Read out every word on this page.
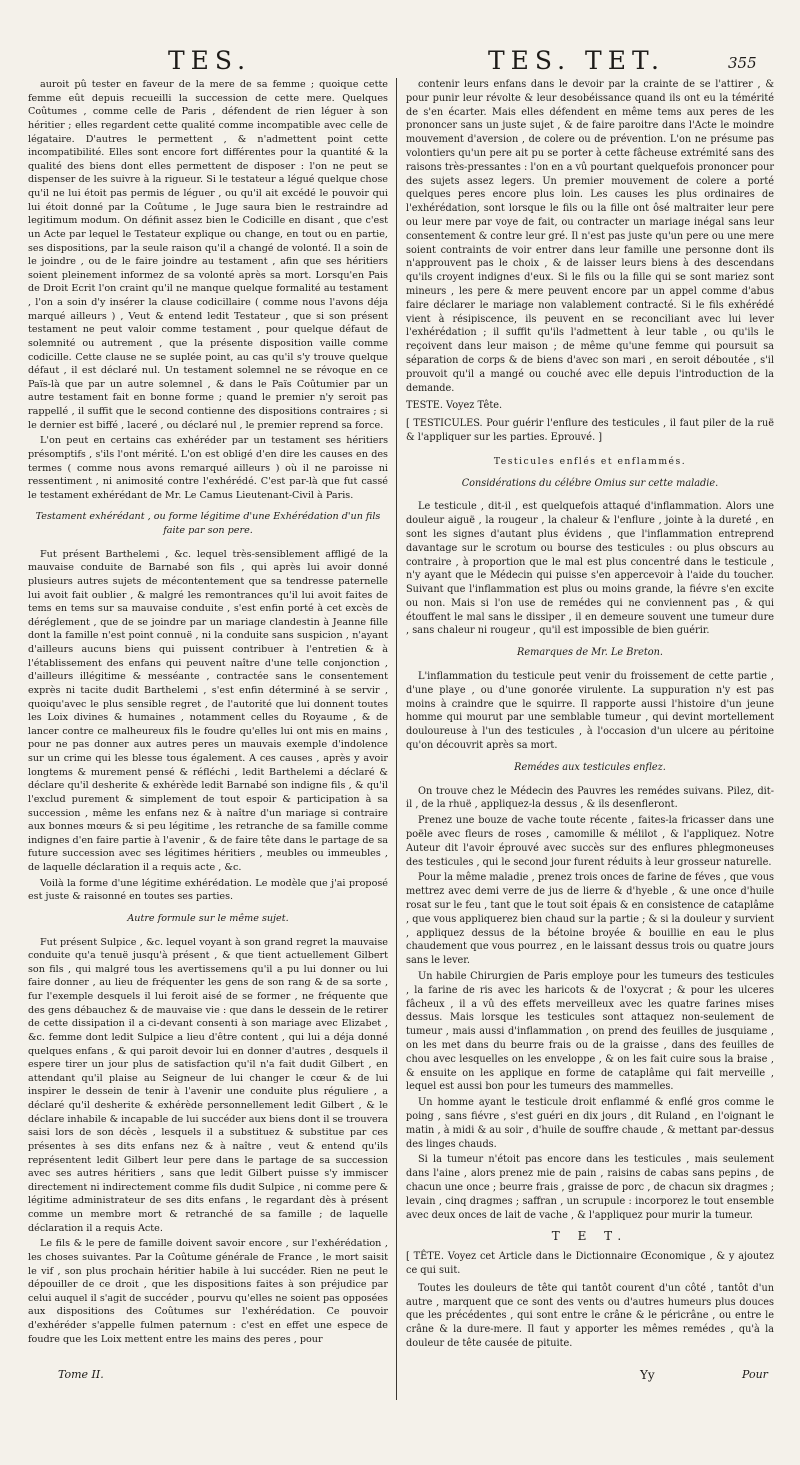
TES.	TES. TET.	355

auroit pû tester en faveur de la mere de sa femme ; quoique cette femme eût depuis recueilli la succession de cette mere. Quelques Coûtumes , comme celle de Paris , défendent de rien léguer à son héritier ; elles regardent cette qualité comme incompatible avec celle de légataire. D'autres le permettent , & n'admettent point cette incompatibilité. Elles sont encore fort différentes pour la quantité & la qualité des biens dont elles permettent de disposer : l'on ne peut se dispenser de les suivre à la rigueur. Si le testateur a légué quelque chose qu'il ne lui étoit pas permis de léguer , ou qu'il ait excédé le pouvoir qui lui étoit donné par la Coûtume , le Juge saura bien le restraindre ad legitimum modum. On définit assez bien le Codicille en disant , que c'est un Acte par lequel le Testateur explique ou change, en tout ou en partie, ses dispositions, par la seule raison qu'il a changé de volonté. Il a soin de le joindre , ou de le faire joindre au testament , afin que ses héritiers soient pleinement informez de sa volonté après sa mort. Lorsqu'en Pais de Droit Ecrit l'on craint qu'il ne manque quelque formalité au testament , l'on a soin d'y insérer la clause codicillaire ( comme nous l'avons déja marqué ailleurs ) , Veut & entend ledit Testateur , que si son présent testament ne peut valoir comme testament , pour quelque défaut de solemnité ou autrement , que la présente disposition vaille comme codicille. Cette clause ne se suplée point, au cas qu'il s'y trouve quelque défaut , il est déclaré nul. Un testament solemnel ne se révoque en ce Païs-là que par un autre solemnel , & dans le Païs Coûtumier par un autre testament fait en bonne forme ; quand le premier n'y seroit pas rappellé , il suffit que le second contienne des dispositions contraires ; si le dernier est biffé , laceré , ou déclaré nul , le premier reprend sa force.

L'on peut en certains cas exhéréder par un testament ses héritiers présomptifs , s'ils l'ont mérité. L'on est obligé d'en dire les causes en des termes ( comme nous avons remarqué ailleurs ) où il ne paroisse ni ressentiment , ni animosité contre l'exhérédé. C'est par-là que fut cassé le testament exhérédant de Mr. Le Camus Lieutenant-Civil à Paris.

Testament exhérédant , ou forme légitime d'une Exhérédation d'un fils faite par son pere.

Fut présent Barthelemi , &c. lequel très-sensiblement affligé de la mauvaise conduite de Barnabé son fils , qui après lui avoir donné plusieurs autres sujets de mécontentement que sa tendresse paternelle lui avoit fait oublier , & malgré les remontrances qu'il lui avoit faites de tems en tems sur sa mauvaise conduite , s'est enfin porté à cet excès de déréglement , que de se joindre par un mariage clandestin à Jeanne fille dont la famille n'est point connuë , ni la conduite sans suspicion , n'ayant d'ailleurs aucuns biens qui puissent contribuer à l'entretien & à l'établissement des enfans qui peuvent naître d'une telle conjonction , d'ailleurs illégitime & messéante , contractée sans le consentement exprès ni tacite dudit Barthelemi , s'est enfin déterminé à se servir , quoiqu'avec le plus sensible regret , de l'autorité que lui donnent toutes les Loix divines & humaines , notamment celles du Royaume , & de lancer contre ce malheureux fils le foudre qu'elles lui ont mis en mains , pour ne pas donner aux autres peres un mauvais exemple d'indolence sur un crime qui les blesse tous également. A ces causes , après y avoir longtems & murement pensé & réfléchi , ledit Barthelemi a déclaré & déclare qu'il desherite & exhérède ledit Barnabé son indigne fils , & qu'il l'exclud purement & simplement de tout espoir & participation à sa succession , même les enfans nez & à naître d'un mariage si contraire aux bonnes mœurs & si peu légitime , les retranche de sa famille comme indignes d'en faire partie à l'avenir , & de faire tête dans le partage de sa future succession avec ses légitimes héritiers , meubles ou immeubles , de laquelle déclaration il a requis acte , &c.

Voilà la forme d'une légitime exhérédation. Le modèle que j'ai proposé est juste & raisonné en toutes ses parties.

Autre formule sur le même sujet.

Fut présent Sulpice , &c. lequel voyant à son grand regret la mauvaise conduite qu'a tenuë jusqu'à présent , & que tient actuellement Gilbert son fils , qui malgré tous les avertissemens qu'il a pu lui donner ou lui faire donner , au lieu de fréquenter les gens de son rang & de sa sorte , fur l'exemple desquels il lui feroit aisé de se former , ne fréquente que des gens débauchez & de mauvaise vie : que dans le dessein de le retirer de cette dissipation il a ci-devant consenti à son mariage avec Elizabet , &c. femme dont ledit Sulpice a lieu d'être content , qui lui a déja donné quelques enfans , & qui paroit devoir lui en donner d'autres , desquels il espere tirer un jour plus de satisfaction qu'il n'a fait dudit Gilbert , en attendant qu'il plaise au Seigneur de lui changer le cœur & de lui inspirer le dessein de tenir à l'avenir une conduite plus réguliere , a déclaré qu'il desherite & exhérède personnellement ledit Gilbert , & le déclare inhabile & incapable de lui succéder aux biens dont il se trouvera saisi lors de son décès , lesquels il a substituez & substitue par ces présentes à ses dits enfans nez & à naître , veut & entend qu'ils représentent ledit Gilbert leur pere dans le partage de sa succession avec ses autres héritiers , sans que ledit Gilbert puisse s'y immiscer directement ni indirectement comme fils dudit Sulpice , ni comme pere & légitime administrateur de ses dits enfans , le regardant dès à présent comme un membre mort & retranché de sa famille ; de laquelle déclaration il a requis Acte.

Le fils & le pere de famille doivent savoir encore , sur l'exhérédation , les choses suivantes. Par la Coûtume générale de France , le mort saisit le vif , son plus prochain héritier habile à lui succéder. Rien ne peut le dépouiller de ce droit , que les dispositions faites à son préjudice par celui auquel il s'agit de succéder , pourvu qu'elles ne soient pas opposées aux dispositions des Coûtumes sur l'exhérédation. Ce pouvoir d'exhéréder s'appelle fulmen paternum : c'est en effet une espece de foudre que les Loix mettent entre les mains des peres , pour

contenir leurs enfans dans le devoir par la crainte de se l'attirer , & pour punir leur révolte & leur desobéissance quand ils ont eu la témérité de s'en écarter. Mais elles défendent en même tems aux peres de les prononcer sans un juste sujet , & de faire paroitre dans l'Acte le moindre mouvement d'aversion , de colere ou de prévention. L'on ne présume pas volontiers qu'un pere ait pu se porter à cette fâcheuse extrémité sans des raisons très-pressantes : l'on en a vû pourtant quelquefois prononcer pour des sujets assez legers. Un premier mouvement de colere a porté quelques peres encore plus loin. Les causes les plus ordinaires de l'exhérédation, sont lorsque le fils ou la fille ont ôsé maltraiter leur pere ou leur mere par voye de fait, ou contracter un mariage inégal sans leur consentement & contre leur gré. Il n'est pas juste qu'un pere ou une mere soient contraints de voir entrer dans leur famille une personne dont ils n'approuvent pas le choix , & de laisser leurs biens à des descendans qu'ils croyent indignes d'eux. Si le fils ou la fille qui se sont mariez sont mineurs , les pere & mere peuvent encore par un appel comme d'abus faire déclarer le mariage non valablement contracté. Si le fils exhérédé vient à résipiscence, ils peuvent en se reconciliant avec lui lever l'exhérédation ; il suffit qu'ils l'admettent à leur table , ou qu'ils le reçoivent dans leur maison ; de même qu'une femme qui poursuit sa séparation de corps & de biens d'avec son mari , en seroit déboutée , s'il prouvoit qu'il a mangé ou couché avec elle depuis l'introduction de la demande.

TESTE. Voyez Tête.

[ TESTICULES. Pour guérir l'enflure des testicules , il faut piler de la ruë & l'appliquer sur les parties. Eprouvé. ]

Testicules enflés et enflammés.

Considérations du célébre Omius sur cette maladie.

Le testicule , dit-il , est quelquefois attaqué d'inflammation. Alors une douleur aiguë , la rougeur , la chaleur & l'enflure , jointe à la dureté , en sont les signes d'autant plus évidens , que l'inflammation entreprend davantage sur le scrotum ou bourse des testicules : ou plus obscurs au contraire , à proportion que le mal est plus concentré dans le testicule , n'y ayant que le Médecin qui puisse s'en appercevoir à l'aide du toucher. Suivant que l'inflammation est plus ou moins grande, la fiévre s'en excite ou non. Mais si l'on use de remédes qui ne conviennent pas , & qui étouffent le mal sans le dissiper , il en demeure souvent une tumeur dure , sans chaleur ni rougeur , qu'il est impossible de bien guérir.

Remarques de Mr. Le Breton.

L'inflammation du testicule peut venir du froissement de cette partie , d'une playe , ou d'une gonorée virulente. La suppuration n'y est pas moins à craindre que le squirre. Il rapporte aussi l'histoire d'un jeune homme qui mourut par une semblable tumeur , qui devint mortellement douloureuse à l'un des testicules , à l'occasion d'un ulcere au péritoine qu'on découvrit après sa mort.

Remédes aux testicules enflez.

On trouve chez le Médecin des Pauvres les remédes suivans. Pilez, dit-il , de la rhuë , appliquez-la dessus , & ils desenfleront.

Prenez une bouze de vache toute récente , faites-la fricasser dans une poële avec fleurs de roses , camomille & mélilot , & l'appliquez. Notre Auteur dit l'avoir éprouvé avec succès sur des enflures phlegmoneuses des testicules , qui le second jour furent réduits à leur grosseur naturelle.

Pour la même maladie , prenez trois onces de farine de féves , que vous mettrez avec demi verre de jus de lierre & d'hyeble , & une once d'huile rosat sur le feu , tant que le tout soit épais & en consistence de cataplâme , que vous appliquerez bien chaud sur la partie ; & si la douleur y survient , appliquez dessus de la bétoine broyée & bouillie en eau le plus chaudement que vous pourrez , en le laissant dessus trois ou quatre jours sans le lever.

Un habile Chirurgien de Paris employe pour les tumeurs des testicules , la farine de ris avec les haricots & de l'oxycrat ; & pour les ulceres fâcheux , il a vû des effets merveilleux avec les quatre farines mises dessus. Mais lorsque les testicules sont attaquez non-seulement de tumeur , mais aussi d'inflammation , on prend des feuilles de jusquiame , on les met dans du beurre frais ou de la graisse , dans des feuilles de chou avec lesquelles on les enveloppe , & on les fait cuire sous la braise , & ensuite on les applique en forme de cataplâme qui fait merveille , lequel est aussi bon pour les tumeurs des mammelles.

Un homme ayant le testicule droit enflammé & enflé gros comme le poing , sans fiévre , s'est guéri en dix jours , dit Ruland , en l'oignant le matin , à midi & au soir , d'huile de souffre chaude , & mettant par-dessus des linges chauds.

Si la tumeur n'étoit pas encore dans les testicules , mais seulement dans l'aine , alors prenez mie de pain , raisins de cabas sans pepins , de chacun une once ; beurre frais , graisse de porc , de chacun six dragmes ; levain , cinq dragmes ; saffran , un scrupule : incorporez le tout ensemble avec deux onces de lait de vache , & l'appliquez pour murir la tumeur.

T E T.

[ TÊTE. Voyez cet Article dans le Dictionnaire Œconomique , & y ajoutez ce qui suit.

Toutes les douleurs de tête qui tantôt courent d'un côté , tantôt d'un autre , marquent que ce sont des vents ou d'autres humeurs plus douces que les précédentes , qui sont entre le crâne & le péricrâne , ou entre le crâne & la dure-mere. Il faut y apporter les mêmes remédes , qu'à la douleur de tête causée de pituite.

Tome II.	Yy	Pour
